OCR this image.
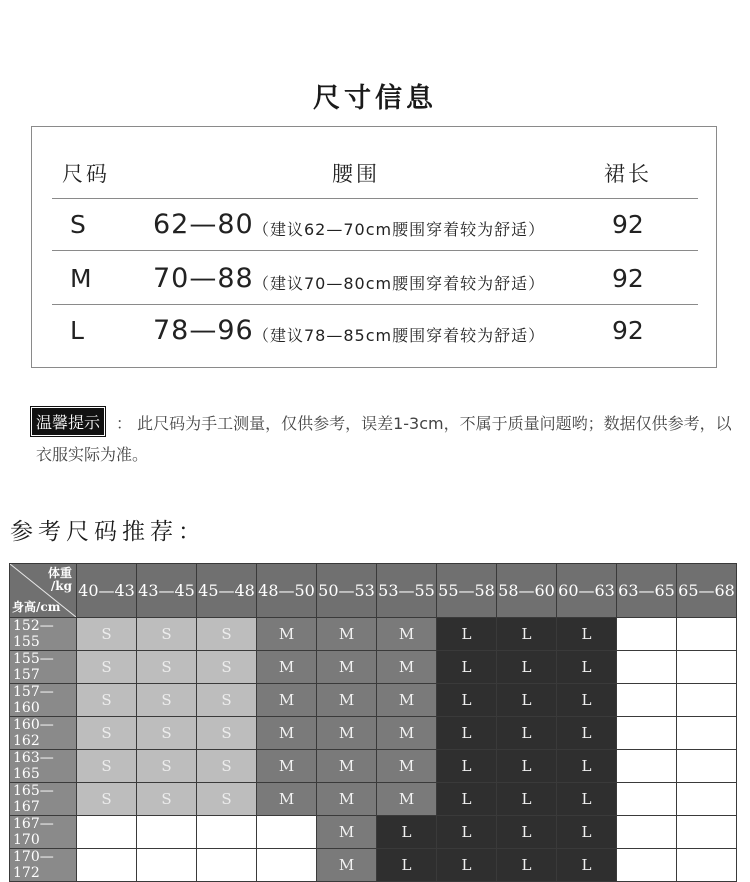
尺寸信息
尺码	腰围	裙长
S 62—80 （建议62—70cm腰围穿着较为舒适）	92
M 70—88 （建议70—80cm腰围穿着较为舒适）	92
L	78—96 （建议78—85cm腰围穿着较为舒适）	92
： 此尺码为手工测量，仅供参考，误差1-3cm，不属于质量问题哟；数据仅供参考，以衣服实际为准。
温馨提示
参考尺码推荐：
体重
/kg
身高/cm	40—43	43—45	45—48	48—50	50—53	53—55	55—58	58—60	60—63	63—65	65—68
152—155	S	S	S	M	M	M	L	L	L		
155—157	S	S	S	M	M	M	L	L	L		
157—160	S	S	S	M	M	M	L	L	L		
160—162	S	S	S	M	M	M	L	L	L		
163—165	S	S	S	M	M	M	L	L	L		
165—167	S	S	S	M	M	M	L	L	L		
167—170					M	L	L	L	L		
170—172					M	L	L	L	L		
